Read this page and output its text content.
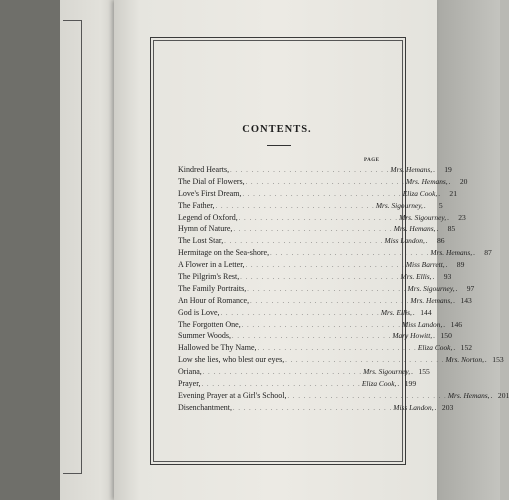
CONTENTS.
PAGE
Kindred Hearts, . . . . . . . . . . . . . . . . . . . . . . . . . . . . . . Mrs. Hemans, .	19
The Dial of Flowers, . . . . . . . . . . . . . . . . . . . . . . . . . . . . . . Mrs. Hemans, .	20
Love's First Dream, . . . . . . . . . . . . . . . . . . . . . . . . . . . . . . Eliza Cook, .	21
The Father, . . . . . . . . . . . . . . . . . . . . . . . . . . . . . . Mrs. Sigourney, .	5
Legend of Oxford, . . . . . . . . . . . . . . . . . . . . . . . . . . . . . . Mrs. Sigourney, .	23
Hymn of Nature, . . . . . . . . . . . . . . . . . . . . . . . . . . . . . . Mrs. Hemans, .	85
The Lost Star, . . . . . . . . . . . . . . . . . . . . . . . . . . . . . . Miss Landon, .	86
Hermitage on the Sea-shore, . . . . . . . . . . . . . . . . . . . . . . . . . . . . . . Mrs. Hemans, .	87
A Flower in a Letter, . . . . . . . . . . . . . . . . . . . . . . . . . . . . . . Miss Barrett, .	89
The Pilgrim's Rest, . . . . . . . . . . . . . . . . . . . . . . . . . . . . . . Mrs. Ellis, .	93
The Family Portraits, . . . . . . . . . . . . . . . . . . . . . . . . . . . . . . Mrs. Sigourney, .	97
An Hour of Romance, . . . . . . . . . . . . . . . . . . . . . . . . . . . . . . Mrs. Hemans, . 143
God is Love, . . . . . . . . . . . . . . . . . . . . . . . . . . . . . . Mrs. Ellis, . 144
The Forgotten One, . . . . . . . . . . . . . . . . . . . . . . . . . . . . . . Miss Landon, . 146
Summer Woods, . . . . . . . . . . . . . . . . . . . . . . . . . . . . . . Mary Howitt, . 150
Hallowed be Thy Name, . . . . . . . . . . . . . . . . . . . . . . . . . . . . . . Eliza Cook, . 152
Low she lies, who blest our eyes, . . . . . . . . . . . . . . . . . . . . . . . . . . . . . . Mrs. Norton, . 153
Oriana, . . . . . . . . . . . . . . . . . . . . . . . . . . . . . . Mrs. Sigourney, . 155
Prayer, . . . . . . . . . . . . . . . . . . . . . . . . . . . . . . Eliza Cook, . 199
Evening Prayer at a Girl's School, . . . . . . . . . . . . . . . . . . . . . . . . . . . . . . Mrs. Hemans, . 201
Disenchantment, . . . . . . . . . . . . . . . . . . . . . . . . . . . . . . Miss Landon, . 203
